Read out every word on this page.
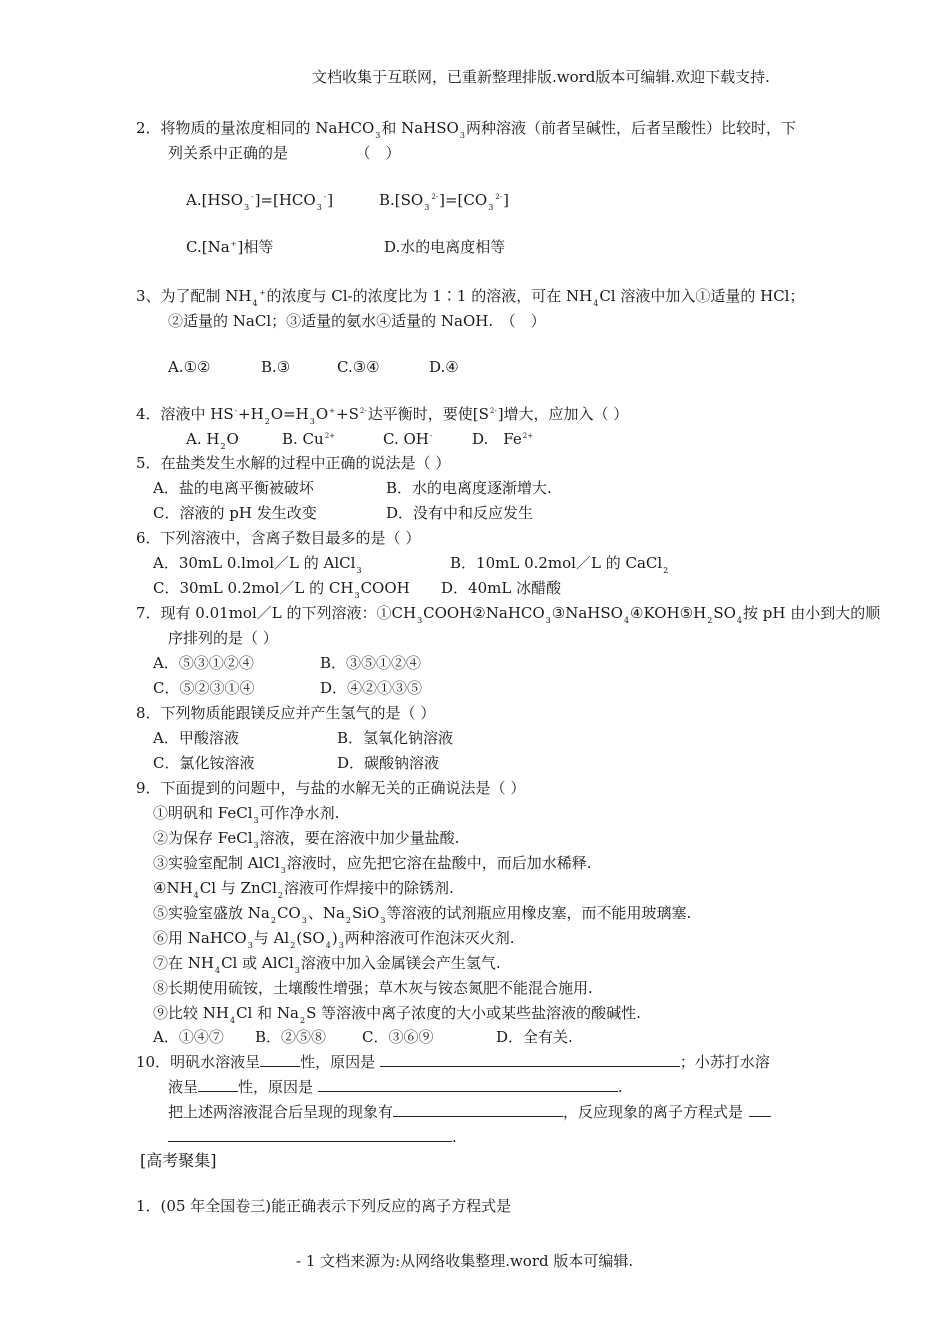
文档收集于互联网，已重新整理排版.word版本可编辑.欢迎下载支持.
2．将物质的量浓度相同的 NaHCO$_3$和 NaHSO$_3$两种溶液（前者呈碱性，后者呈酸性）比较时，下
列关系中正确的是　　　　　（　）
$A.[HSO_3^-]=[HCO_3^-]$	$B.[SO_3^{2-}]=[CO_3^{2-}]$
C.[Na+]相等	D.水的电离度相等
3、为了配制 $NH_4^+$的浓度与 Cl-的浓度比为 1∶1 的溶液，可在 $NH_4Cl$ 溶液中加入①适量的 HCl；
②适量的 NaCl；③适量的氨水④适量的 NaOH.　（　）
A.①②	B.③	C.③④	D.④
4．溶液中 $HS^-+H_2O=H_3O^++S^{2-}$达平衡时，要使$[S^{2-}]$增大，应加入（ ）
A. $H_2O$	B. $Cu^{2+}$	C. OH-	D.　$Fe^{2+}$
5．在盐类发生水解的过程中正确的说法是（ ）
A．盐的电离平衡被破坏	B．水的电离度逐渐增大.
C．溶液的 pH 发生改变	D．没有中和反应发生
6．下列溶液中，含离子数目最多的是（ ）
A．30mL 0.lmol／L 的 AlCl$_3$	B．10mL 0.2mol／L 的 CaCl$_2$
C．30mL 0.2mol／L 的 $CH_3COOH$ D．40mL 冰醋酸
7．现有 0.01mol／L 的下列溶液：$①CH_3COOH②NaHCO_3③NaHSO_4④KOH⑤H_2SO_4$按 pH 由小到大的顺
序排列的是（ ）
A．⑤③①②④	B．③⑤①②④
C．⑤②③①④	D．④②①③⑤
8．下列物质能跟镁反应并产生氢气的是（ ）
A．甲酸溶液	B．氢氧化钠溶液
C．氯化铵溶液	D．碳酸钠溶液
9．下面提到的问题中，与盐的水解无关的正确说法是（ ）
①明矾和 FeCl$_3$可作净水剂.
②为保存 FeCl$_3$溶液，要在溶液中加少量盐酸.
③实验室配制 AlCl$_3$溶液时，应先把它溶在盐酸中，而后加水稀释.
$④NH_4Cl$ 与 ZnCl$_2$溶液可作焊接中的除锈剂.
⑤实验室盛放 $Na_2CO_3$、$Na_2SiO_3$等溶液的试剂瓶应用橡皮塞，而不能用玻璃塞.
⑥用 NaHCO$_3$与 $Al_2(SO_4)_3$两种溶液可作泡沫灭火剂.
⑦在 $NH_4Cl$ 或 AlCl$_3$溶液中加入金属镁会产生氢气.
⑧长期使用硫铵，土壤酸性增强；草木灰与铵态氮肥不能混合施用.
⑨比较 $NH_4Cl$ 和 $Na_2S$ 等溶液中离子浓度的大小或某些盐溶液的酸碱性.
A．①④⑦ B．②⑤⑧ C．③⑥⑨	D．全有关.
10．明矾水溶液呈	性，原因是	；小苏打水溶
液呈	性，原因是	.
把上述两溶液混合后呈现的现象有	，反应现象的离子方程式是
.
[高考聚集]
1．(05 年全国卷三)能正确表示下列反应的离子方程式是
- 1 文档来源为:从网络收集整理.word 版本可编辑.
